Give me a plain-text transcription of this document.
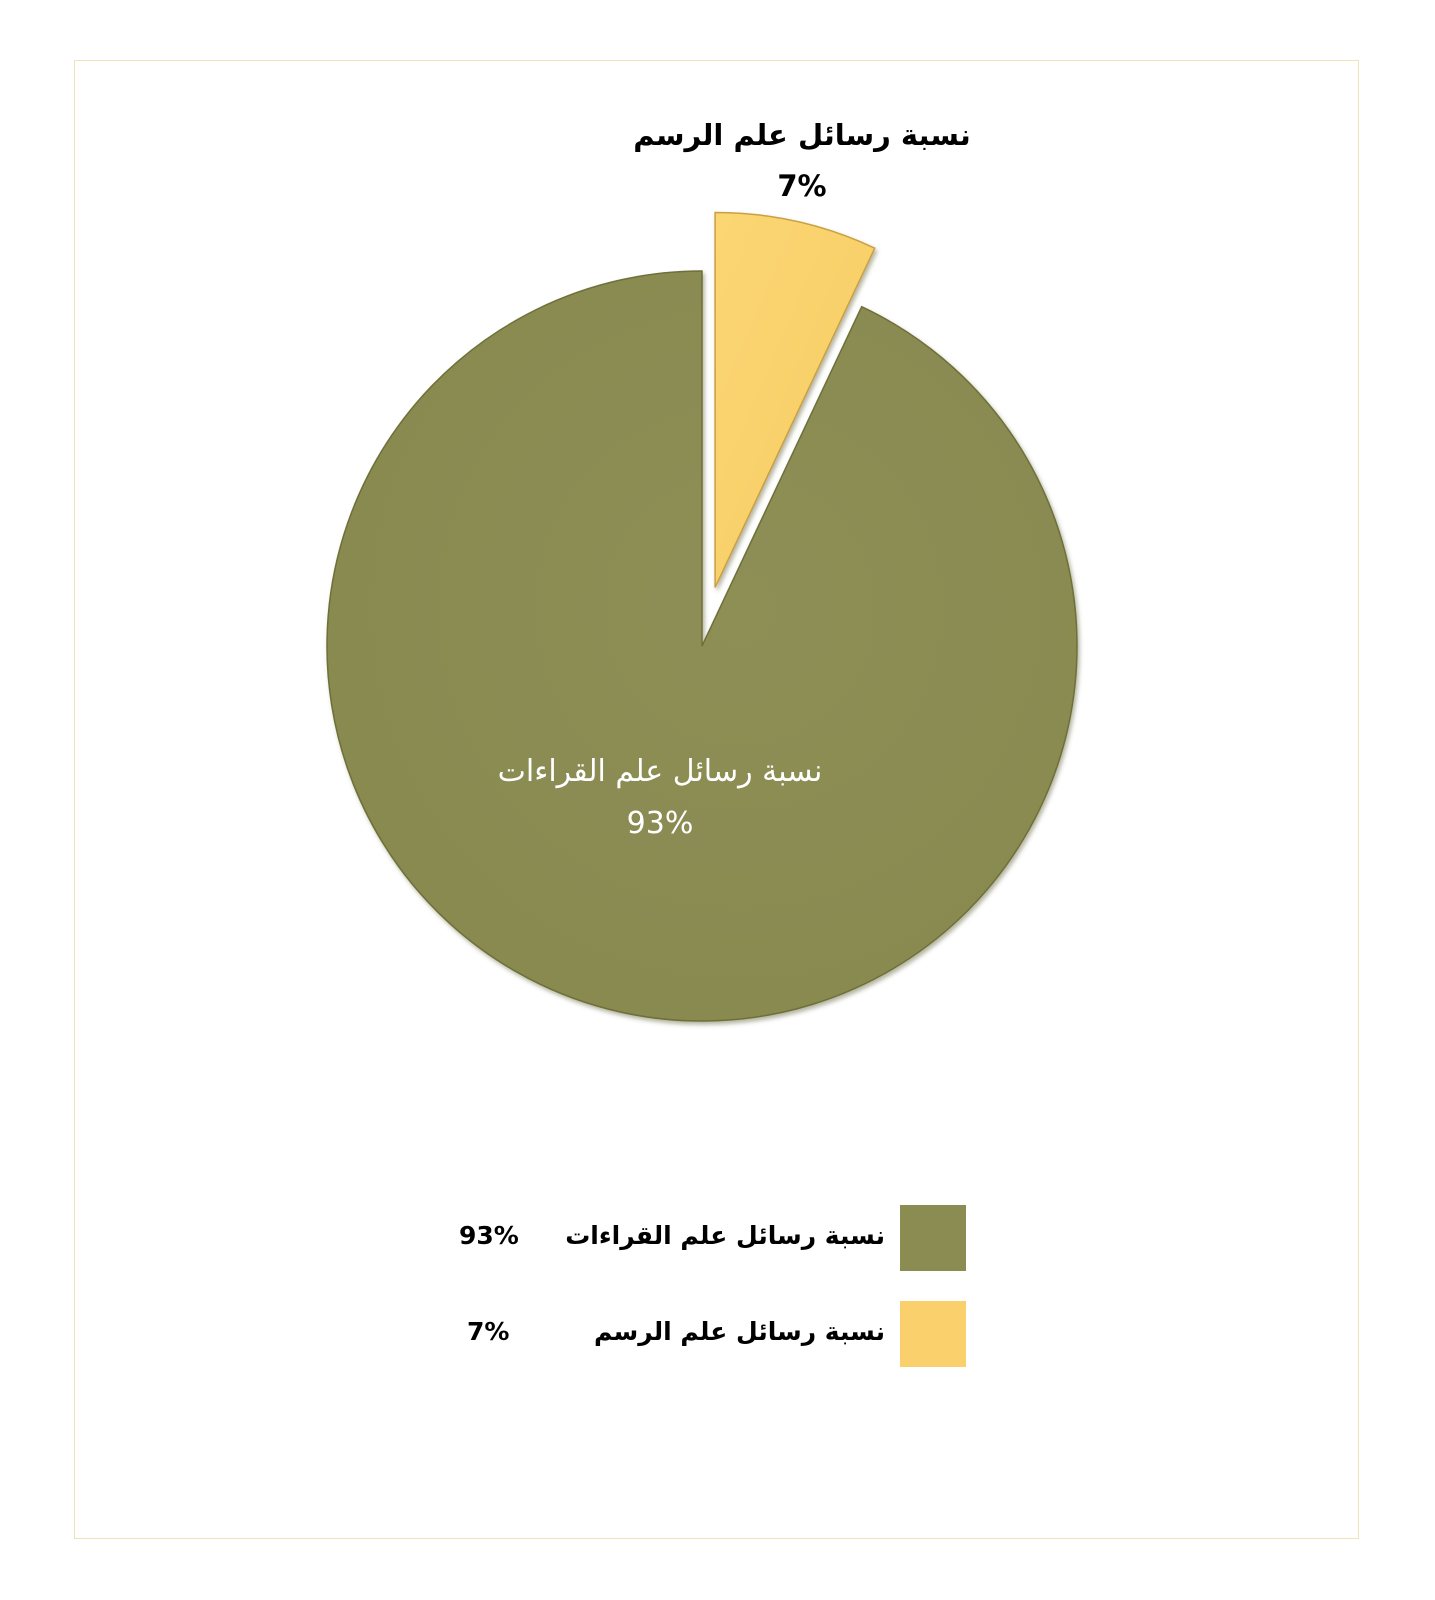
نسبة رسائل علم القراءات
93%
نسبة رسائل علم الرسم
7%
نسبة رسائل علم القراءات
93%
نسبة رسائل علم الرسم
7%
